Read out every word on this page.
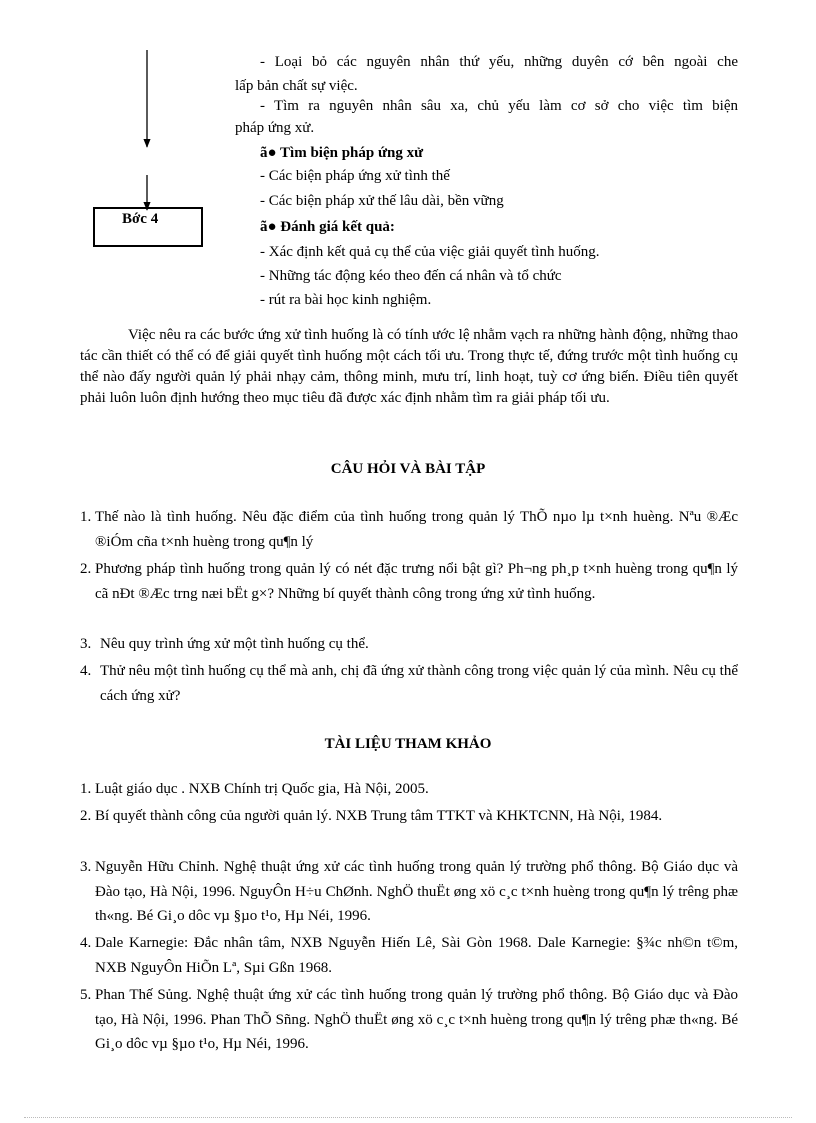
Bớc 4
- Loại bỏ các nguyên nhân thứ yếu, những duyên cớ bên ngoài che
lấp bản chất sự việc.
- Tìm ra nguyên nhân sâu xa, chủ yếu làm cơ sở cho việc tìm biện
pháp ứng xử.
ã● Tìm biện pháp ứng xử
- Các biện pháp ứng xử tình thế
- Các biện pháp xử thế lâu dài, bền vững
ã● Đánh giá kết quả:
- Xác định kết quả cụ thể của việc giải quyết tình huống.
- Những tác động kéo theo đến cá nhân và tổ chức
- rút ra bài học kinh nghiệm.
Việc nêu ra các bước ứng xử tình huống là có tính ước lệ nhằm vạch ra những hành động, những thao tác cần thiết có thể có để giải quyết tình huống một cách tối ưu. Trong thực tế, đứng trước một tình huống cụ thể nào đấy người quản lý phải nhạy cảm, thông minh, mưu trí, linh hoạt, tuỳ cơ ứng biến. Điều tiên quyết phải luôn luôn định hướng theo mục tiêu đã được xác định nhằm tìm ra giải pháp tối ưu.
CÂU HỎI VÀ BÀI TẬP
1. Thế nào là tình huống. Nêu đặc điểm của tình huống trong quản lý ThÕ nµo lµ t×nh huèng. Nªu ®Æc ®iÓm cña t×nh huèng trong qu¶n lý
2. Phương pháp tình huống trong quản lý có nét đặc trưng nổi bật gì? Ph¬ng ph¸p t×nh huèng trong qu¶n lý cã nÐt ®Æc trng næi bËt g×? Những bí quyết thành công trong ứng xử tình huống.
3. Nêu quy trình ứng xử một tình huống cụ thể.
4. Thử nêu một tình huống cụ thể mà anh, chị đã ứng xử thành công trong việc quản lý của mình. Nêu cụ thể cách ứng xử?
TÀI LIỆU THAM KHẢO
1. Luật giáo dục . NXB Chính trị Quốc gia, Hà Nội, 2005.
2. Bí quyết thành công của người quản lý. NXB Trung tâm TTKT và KHKTCNN, Hà Nội, 1984.
3. Nguyễn Hữu Chỉnh. Nghệ thuật ứng xử các tình huống trong quản lý trường phổ thông. Bộ Giáo dục và Đào tạo, Hà Nội, 1996. NguyÔn H÷u ChØnh. NghÖ thuËt øng xö c¸c t×nh huèng trong qu¶n lý trêng phæ th«ng. Bé Gi¸o dôc vµ §µo t¹o, Hµ Néi, 1996.
4. Dale Karnegie: Đắc nhân tâm, NXB Nguyễn Hiến Lê, Sài Gòn 1968. Dale Karnegie: §¾c nh©n t©m, NXB NguyÔn HiÕn Lª, Sµi Gßn 1968.
5. Phan Thế Sủng. Nghệ thuật ứng xử các tình huống trong quản lý trường phổ thông. Bộ Giáo dục và Đào tạo, Hà Nội, 1996. Phan ThÕ Sñng. NghÖ thuËt øng xö c¸c t×nh huèng trong qu¶n lý trêng phæ th«ng. Bé Gi¸o dôc vµ §µo t¹o, Hµ Néi, 1996.
